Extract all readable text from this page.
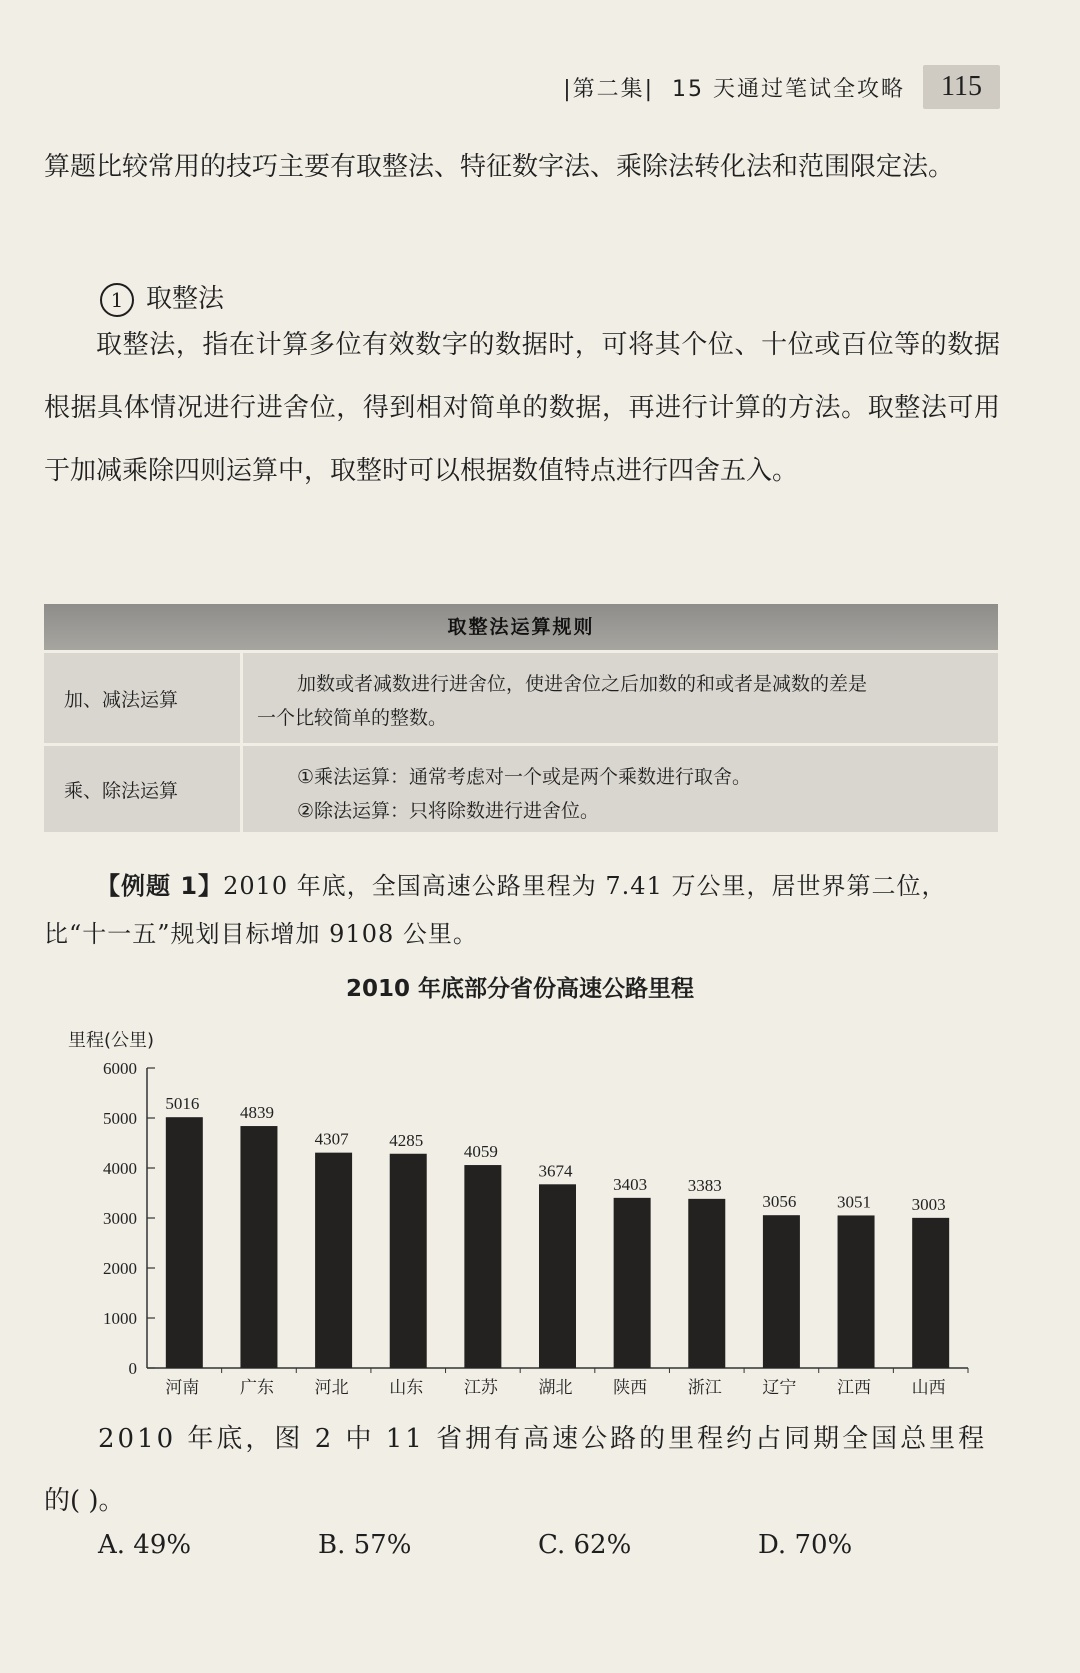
|第二集| 15 天通过笔试全攻略	115
算题比较常用的技巧主要有取整法、特征数字法、乘除法转化法和范围限定法。
1 取整法
取整法，指在计算多位有效数字的数据时，可将其个位、十位或百位等的数据根据具体情况进行进舍位，得到相对简单的数据，再进行计算的方法。取整法可用于加减乘除四则运算中，取整时可以根据数值特点进行四舍五入。
取整法运算规则
加、减法运算
加数或者减数进行进舍位，使进舍位之后加数的和或者是减数的差是
一个比较简单的整数。
乘、除法运算
①乘法运算：通常考虑对一个或是两个乘数进行取舍。
②除法运算：只将除数进行进舍位。
【例题 1】2010 年底，全国高速公路里程为 7.41 万公里，居世界第二位，比“十一五”规划目标增加 9108 公里。
2010 年底部分省份高速公路里程
里程(公里)
0
1000
2000
3000
4000
5000
6000
5016
河南
4839
广东
4307
河北
4285
山东
4059
江苏
3674
湖北
3403
陕西
3383
浙江
3056
辽宁
3051
江西
3003
山西
2010 年底，图 2 中 11 省拥有高速公路的里程约占同期全国总里程
的( )。
A. 49%	B. 57%	C. 62%	D. 70%
